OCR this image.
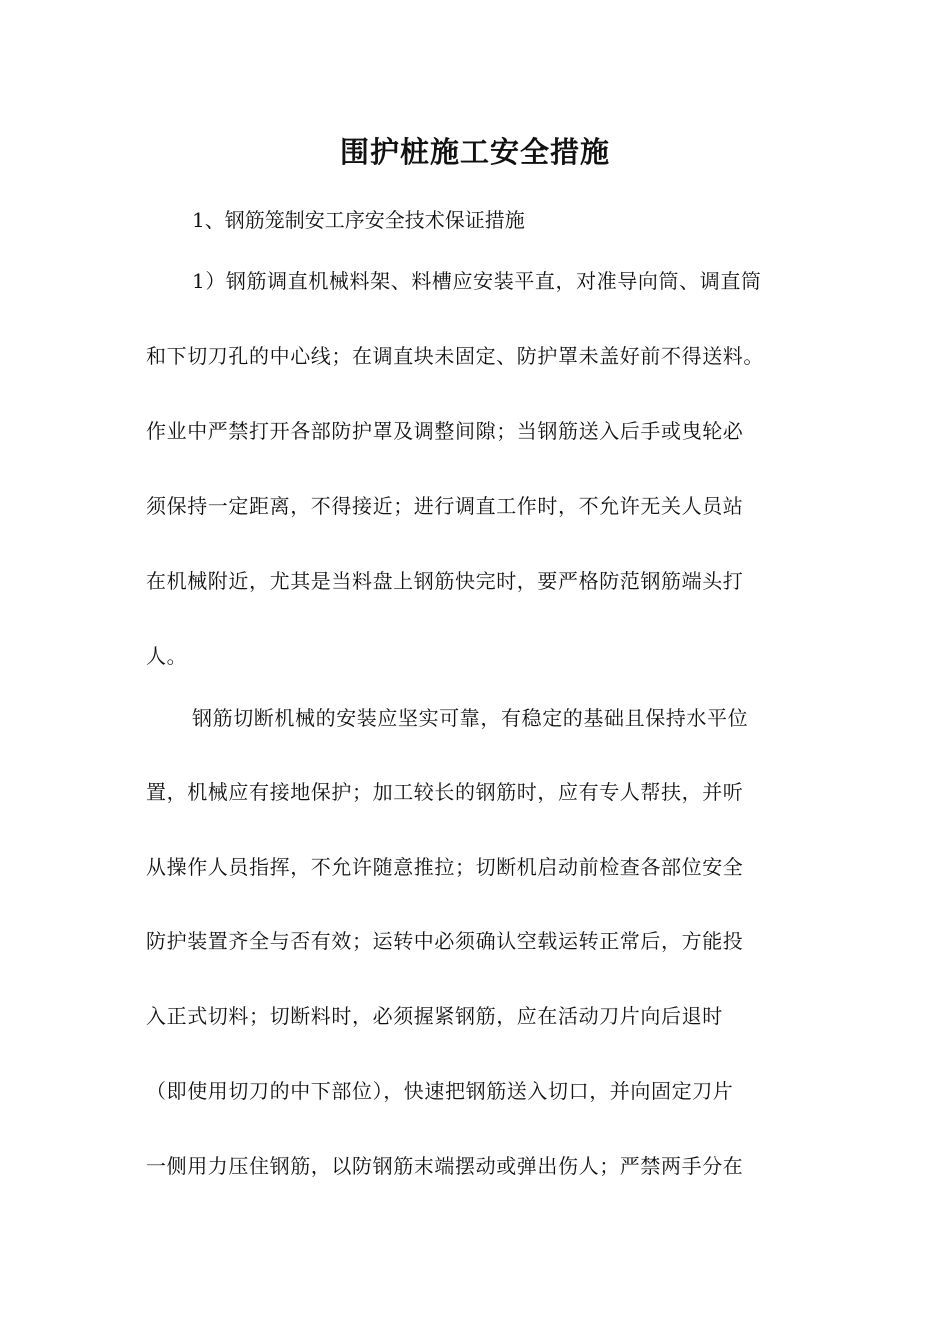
围护桩施工安全措施
1、钢筋笼制安工序安全技术保证措施
1）钢筋调直机械料架、料槽应安装平直，对准导向筒、调直筒
和下切刀孔的中心线；在调直块未固定、防护罩未盖好前不得送料。
作业中严禁打开各部防护罩及调整间隙；当钢筋送入后手或曳轮必
须保持一定距离，不得接近；进行调直工作时，不允许无关人员站
在机械附近，尤其是当料盘上钢筋快完时，要严格防范钢筋端头打
人。
钢筋切断机械的安装应坚实可靠，有稳定的基础且保持水平位
置，机械应有接地保护；加工较长的钢筋时，应有专人帮扶，并听
从操作人员指挥，不允许随意推拉；切断机启动前检查各部位安全
防护装置齐全与否有效；运转中必须确认空载运转正常后，方能投
入正式切料；切断料时，必须握紧钢筋，应在活动刀片向后退时
（即使用切刀的中下部位），快速把钢筋送入切口，并向固定刀片
一侧用力压住钢筋，以防钢筋末端摆动或弹出伤人；严禁两手分在
